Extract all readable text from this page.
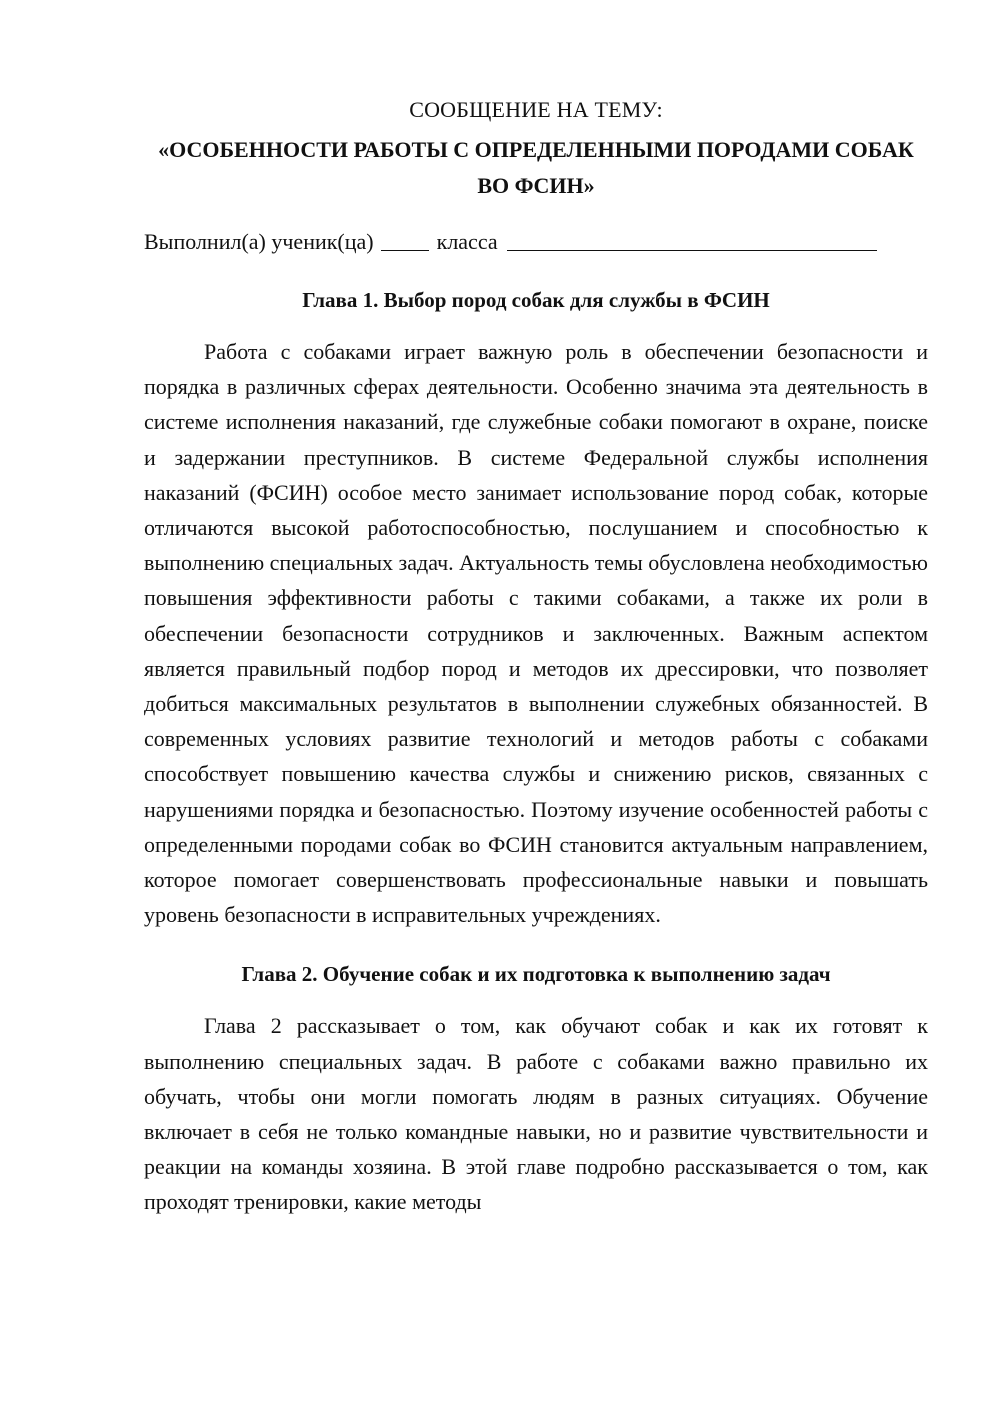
СООБЩЕНИЕ НА ТЕМУ:

«ОСОБЕННОСТИ РАБОТЫ С ОПРЕДЕЛЕННЫМИ ПОРОДАМИ СОБАК ВО ФСИН»

Выполнил(а) ученик(ца)	класса
Глава 1. Выбор пород собак для службы в ФСИН

Работа с собаками играет важную роль в обеспечении безопасности и порядка в различных сферах деятельности. Особенно значима эта деятельность в системе исполнения наказаний, где служебные собаки помогают в охране, поиске и задержании преступников. В системе Федеральной службы исполнения наказаний (ФСИН) особое место занимает использование пород собак, которые отличаются высокой работоспособностью, послушанием и способностью к выполнению специальных задач. Актуальность темы обусловлена необходимостью повышения эффективности работы с такими собаками, а также их роли в обеспечении безопасности сотрудников и заключенных. Важным аспектом является правильный подбор пород и методов их дрессировки, что позволяет добиться максимальных результатов в выполнении служебных обязанностей. В современных условиях развитие технологий и методов работы с собаками способствует повышению качества службы и снижению рисков, связанных с нарушениями порядка и безопасностью. Поэтому изучение особенностей работы с определенными породами собак во ФСИН становится актуальным направлением, которое помогает совершенствовать профессиональные навыки и повышать уровень безопасности в исправительных учреждениях.

Глава 2. Обучение собак и их подготовка к выполнению задач

Глава 2 рассказывает о том, как обучают собак и как их готовят к выполнению специальных задач. В работе с собаками важно правильно их обучать, чтобы они могли помогать людям в разных ситуациях. Обучение включает в себя не только командные навыки, но и развитие чувствительности и реакции на команды хозяина. В этой главе подробно рассказывается о том, как проходят тренировки, какие методы
